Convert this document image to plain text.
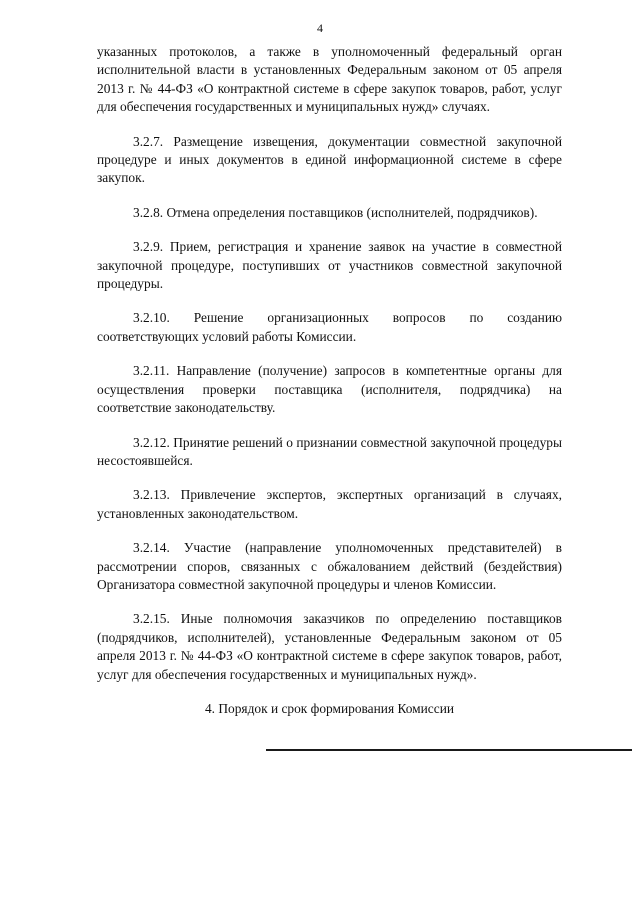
4

указанных протоколов, а также в уполномоченный федеральный орган исполнительной власти в установленных Федеральным законом от 05 апреля 2013 г. № 44-ФЗ «О контрактной системе в сфере закупок товаров, работ, услуг для обеспечения государственных и муниципальных нужд» случаях.

3.2.7. Размещение извещения, документации совместной закупочной процедуре и иных документов в единой информационной системе в сфере закупок.

3.2.8. Отмена определения поставщиков (исполнителей, подрядчиков).

3.2.9. Прием, регистрация и хранение заявок на участие в совместной закупочной процедуре, поступивших от участников совместной закупочной процедуры.

3.2.10. Решение организационных вопросов по созданию соответствующих условий работы Комиссии.

3.2.11. Направление (получение) запросов в компетентные органы для осуществления проверки поставщика (исполнителя, подрядчика) на соответствие законодательству.

3.2.12. Принятие решений о признании совместной закупочной процедуры несостоявшейся.

3.2.13. Привлечение экспертов, экспертных организаций в случаях, установленных законодательством.

3.2.14. Участие (направление уполномоченных представителей) в рассмотрении споров, связанных с обжалованием действий (бездействия) Организатора совместной закупочной процедуры и членов Комиссии.

3.2.15. Иные полномочия заказчиков по определению поставщиков (подрядчиков, исполнителей), установленные Федеральным законом от 05 апреля 2013 г. № 44-ФЗ «О контрактной системе в сфере закупок товаров, работ, услуг для обеспечения государственных и муниципальных нужд».

4. Порядок и срок формирования Комиссии
